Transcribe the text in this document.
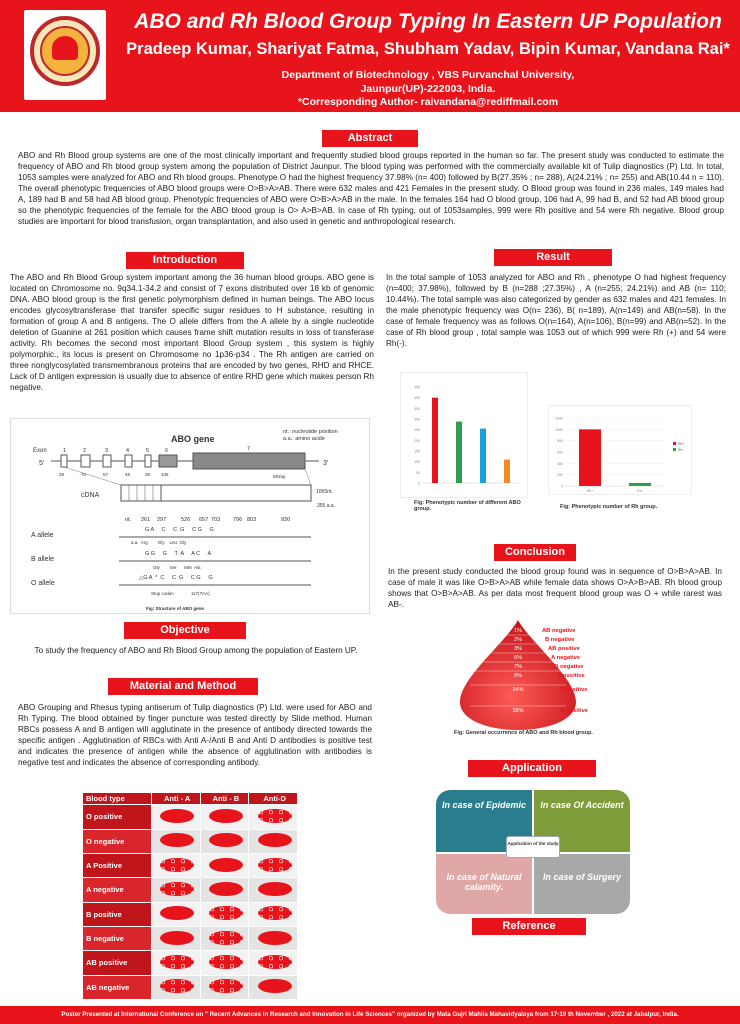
ABO and Rh Blood Group Typing In Eastern UP Population
Pradeep Kumar, Shariyat Fatma, Shubham Yadav, Bipin Kumar, Vandana Rai*
Department of Biotechnology , VBS Purvanchal University,
Jaunpur(UP)-222003, India.
*Corresponding Author- raivandana@rediffmail.com
Abstract
ABO and Rh Blood group systems are one of the most clinically important and frequently studied blood groups reported in the human so far. The present study was conducted to estimate the frequency of ABO and Rh blood group system among the population of District Jaunpur. The blood typing was performed with the commercially available kit of Tulip diagnostics (P) Ltd. In total, 1053 samples were analyzed for ABO and Rh blood groups. Phenotype O had the highest frequency 37.98% (n= 400) followed by B(27.35% ; n= 288), A(24.21% ; n= 255) and AB(10.44 n = 110). The overall phenotypic frequencies of ABO blood groups were O>B>A>AB. There were 632 males and 421 Females in the present study. O Blood group was found in 236 males, 149 males had A, 189 had B and 58 had AB blood group. Phenotypic frequencies of ABO were O>B>A>AB in the male. In the females 164 had O blood group, 106 had A, 99 had B, and 52 had AB blood group so the phenotypic frequencies of the female for the ABO blood group is O> A>B>AB. In case of Rh typing, out of 1053samples, 999 were Rh positive and 54 were Rh negative. Blood group studies are important for blood transfusion, organ transplantation, and also used in genetic and anthropological research.
Introduction
The ABO and Rh Blood Group system important among the 36 human blood groups. ABO gene is located on Chromosome no. 9q34.1-34.2 and consist of 7 exons distributed over 18 kb of genomic DNA. ABO blood group is the first genetic polymorphism defined in human beings. The ABO locus encodes glycosyltransferase that transfer specific sugar residues to H substance, resulting in formation of group A and B antigens. The O allele differs from the A allele by a single nucleotide deletion of Guanine at 261 position which causes frame shift mutation results in loss of transferase activity. Rh becomes the second most important Blood Group system , this system is highly polymorphic., its locus is present on Chromosome no 1p36-p34 . The Rh antigen are carried on three nonglycosylated transmembranous proteins that are encoded by two genes, RHD and RHCE. Lack of D antigen expression is usually due to absence of entire RHD gene which makes person Rh negative.
ABO gene
nt.: nucleotide position
a.a.: amino acide
Exon
5'	3'
1	2	3	4	5	6	7
28	70	57	48	35 136	691bp
cDNA	1065nt.
355 a.a.
nt. 261 297	526 657 703 796 803	930
A allele
G A     C     C  G     C G     G
a.a.  Arg        Gly    Leu  Gly
B allele
G G     G     T  A     A C     A
Gly        Ser      Met  Ala
O allele
△G A  *  C     C  G     C G     G
Stop codon	117(TAA)
Fig: Structure of ABO gene
Objective
To study the frequency of ABO and Rh Blood Group among the population of Eastern UP.
Material and Method
ABO Grouping and Rhesus typing antiserum of Tulip diagnostics (P) Ltd. were used for ABO and Rh Typing. The blood obtained by finger puncture was tested directly by Slide method. Human RBCs possess A and B antigen will agglutinate in the presence of antibody directed towards the specific antigen . Agglutination of RBCs with Anti A-/Anti B and Anti D antibodies is positive test and indicates the presence of antigen while the absence of agglutination with antibodies is negative test and indicates the absence of corresponding antibody.
Blood type	Anti - A	Anti - B	Anti-D
O positive			
O negative			
A Positive			
A negative			
B positive			
B negative			
AB positive			
AB negative			
Result
In the total sample of 1053 analyzed for ABO and Rh , phenotype O had highest frequency (n=400; 37.98%), followed by B (n=288 ;27.35%) , A (n=255; 24.21%) and AB (n= 110; 10.44%). The total sample was also categorized by gender as 632 males and 421 females. In the male phenotypic frequency was O(n= 236), B( n=189), A(n=149) and AB(n=58). In the case of female frequency was as follows O(n=164), A(n=106), B(n=99) and AB(n=52). In the case of Rh blood group , total sample was 1053 out of which 999 were Rh (+) and 54 were Rh(-).
0
50
100
150
200
250
300
350
400
450
Fig: Phenotypic number of different ABO group.
0
200
400
600
800
1000
1200
Rh+	Rh-
Rh+
Rh-
Fig: Phenotypic number of Rh group.
Conclusion
In the present study conducted the blood group found was in sequence of O>B>A>AB. In case of male it was like O>B>A>AB while female data shows O>A>B>AB. Rh blood group shows that O>B>A>AB. As per data most frequent blood group was O + while rarest was AB-.
1%	AB negative
2%	B negative
3%	AB positive
6%	A negative
7%	O negative
9%	B positive
34%	A positive
38%	O positive
Fig: General occurrence of ABO and Rh blood group.
Application
In case of Epidemic	In case Of Accident
In case of Natural calamity.
In case of Surgery
Application of the study
Reference
Poster Presented at International Conference on " Recent Advances in Research and Innovation in Life Sciences" organized by Mata Gujri Mahila Mahavidyalaya from 17-19 th November , 2022 at Jabalpur, India.
